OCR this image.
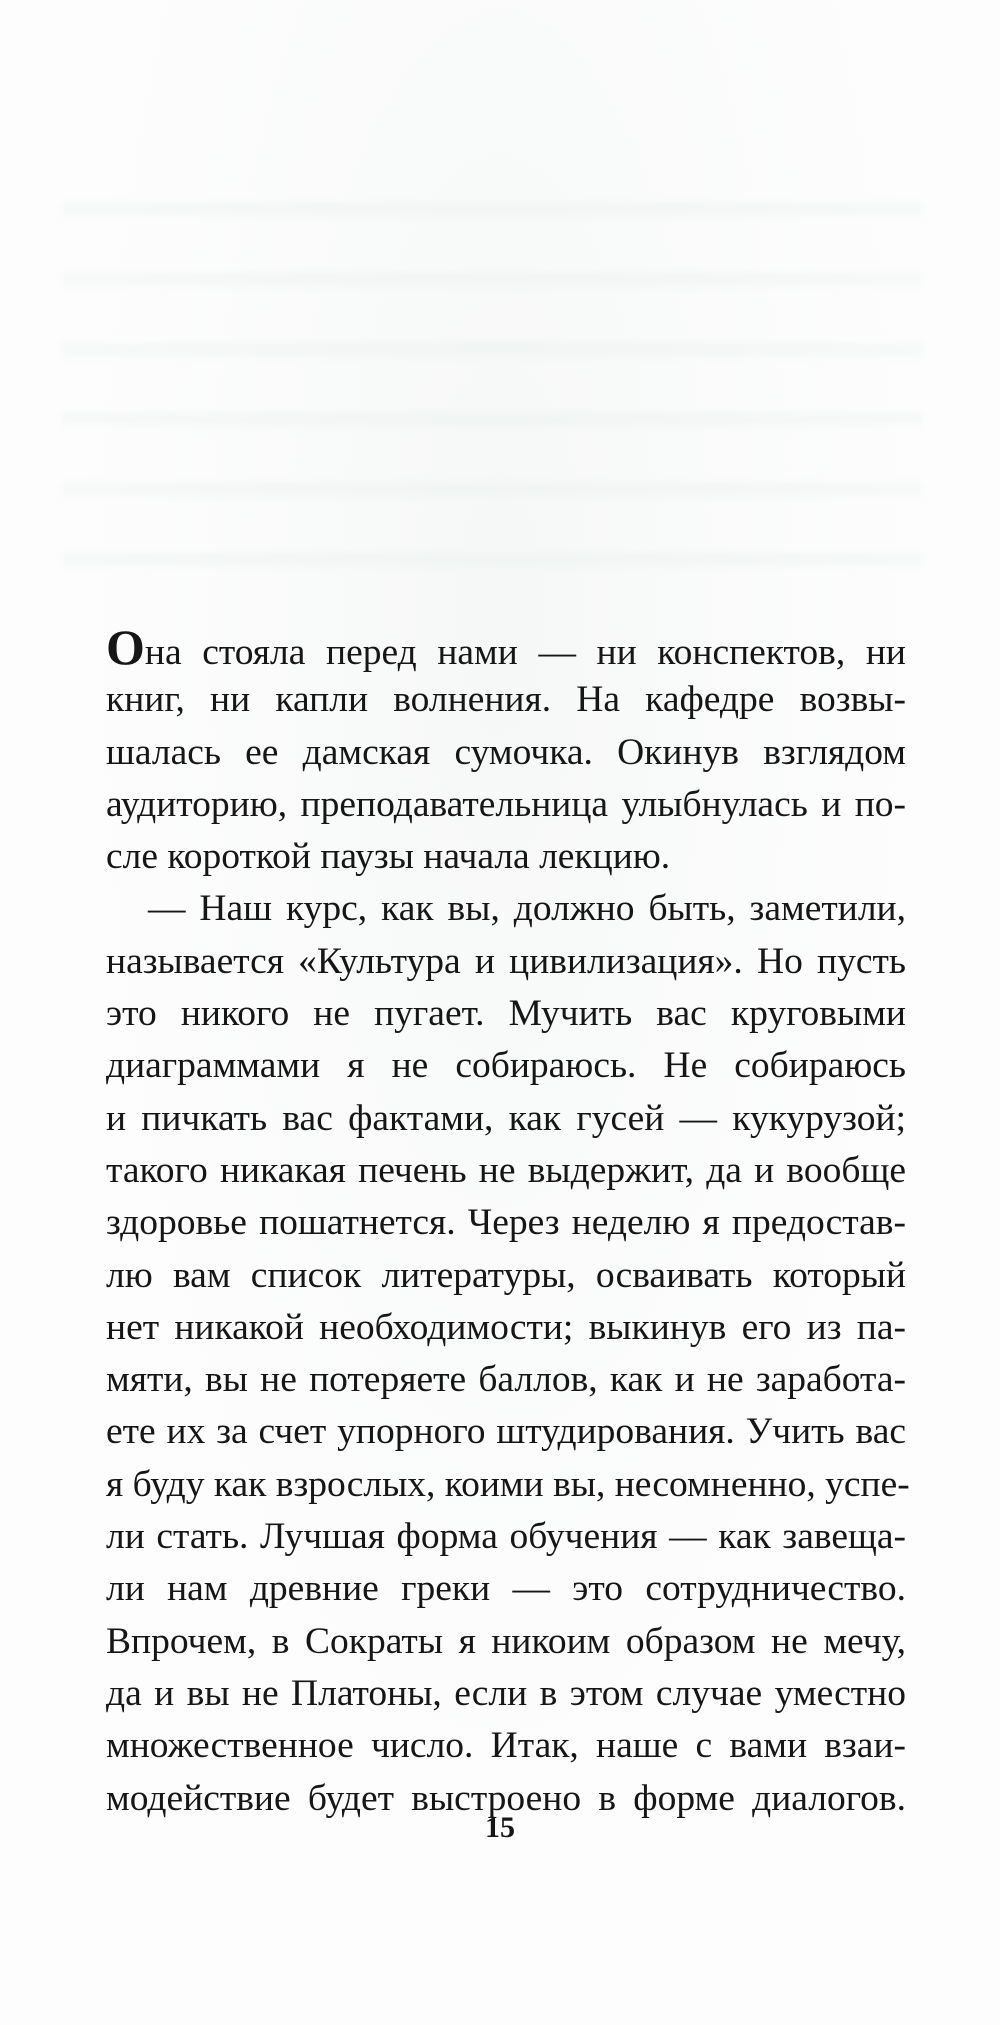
Она стояла перед нами — ни конспектов, ни
книг, ни капли волнения. На кафедре возвы-
шалась ее дамская сумочка. Окинув взглядом
аудиторию, преподавательница улыбнулась и по-
сле короткой паузы начала лекцию.
— Наш курс, как вы, должно быть, заметили,
называется «Культура и цивилизация». Но пусть
это никого не пугает. Мучить вас круговыми
диаграммами я не собираюсь. Не собираюсь
и пичкать вас фактами, как гусей — кукурузой;
такого никакая печень не выдержит, да и вообще
здоровье пошатнется. Через неделю я предостав-
лю вам список литературы, осваивать который
нет никакой необходимости; выкинув его из па-
мяти, вы не потеряете баллов, как и не заработа-
ете их за счет упорного штудирования. Учить вас
я буду как взрослых, коими вы, несомненно, успе-
ли стать. Лучшая форма обучения — как завеща-
ли нам древние греки — это сотрудничество.
Впрочем, в Сократы я никоим образом не мечу,
да и вы не Платоны, если в этом случае уместно
множественное число. Итак, наше с вами взаи-
модействие будет выстроено в форме диалогов.
15
